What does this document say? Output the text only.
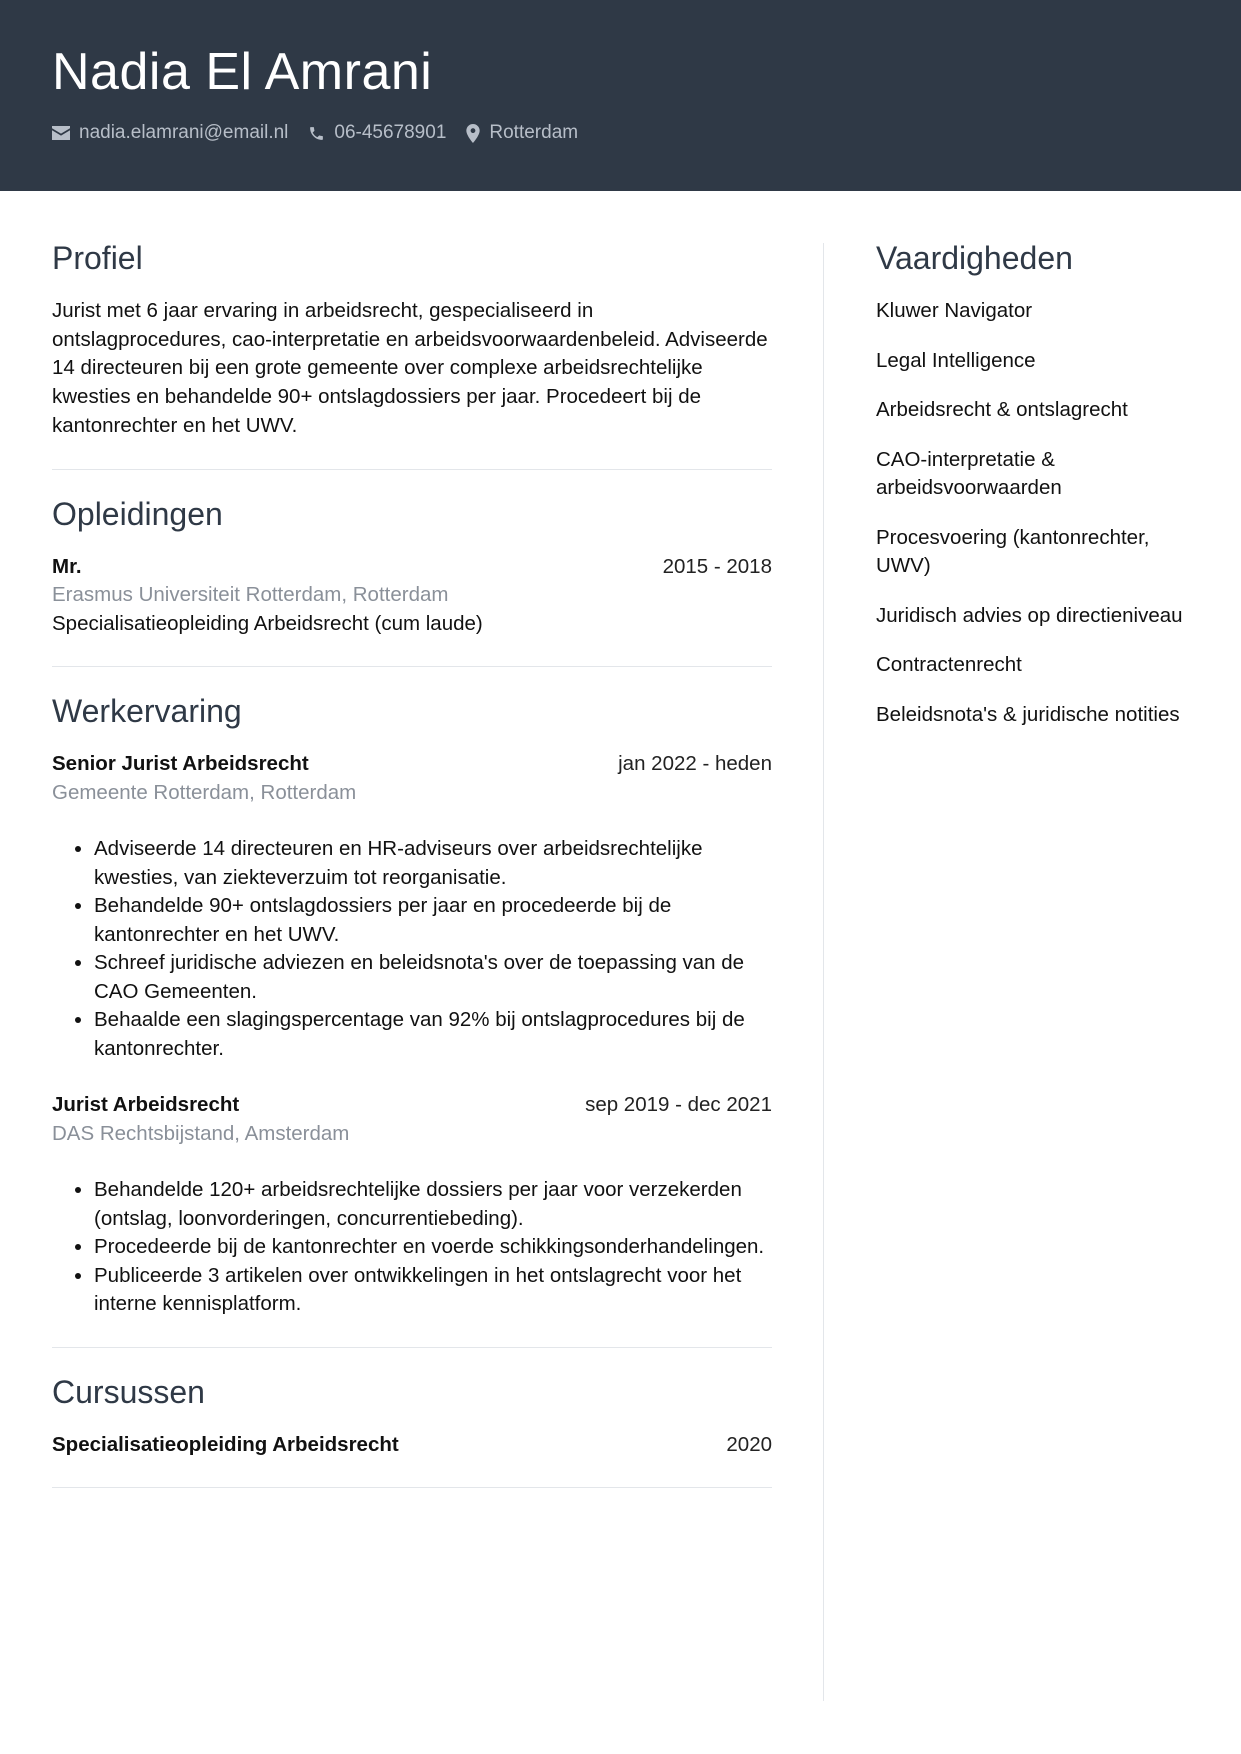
Nadia El Amrani
nadia.elamrani@email.nl 06-45678901 Rotterdam
Profiel

Jurist met 6 jaar ervaring in arbeidsrecht, gespecialiseerd in ontslagprocedures, cao-interpretatie en arbeidsvoorwaardenbeleid. Adviseerde 14 directeuren bij een grote gemeente over complexe arbeidsrechtelijke kwesties en behandelde 90+ ontslagdossiers per jaar. Procedeert bij de kantonrechter en het UWV.

Opleidingen
Mr.	2015 - 2018
Erasmus Universiteit Rotterdam, Rotterdam
Specialisatieopleiding Arbeidsrecht (cum laude)
Werkervaring
Senior Jurist Arbeidsrecht	jan 2022 - heden
Gemeente Rotterdam, Rotterdam
• Adviseerde 14 directeuren en HR-adviseurs over arbeidsrechtelijke kwesties, van ziekteverzuim tot reorganisatie.
• Behandelde 90+ ontslagdossiers per jaar en procedeerde bij de kantonrechter en het UWV.
• Schreef juridische adviezen en beleidsnota's over de toepassing van de CAO Gemeenten.
• Behaalde een slagingspercentage van 92% bij ontslagprocedures bij de kantonrechter.
Jurist Arbeidsrecht	sep 2019 - dec 2021
DAS Rechtsbijstand, Amsterdam
• Behandelde 120+ arbeidsrechtelijke dossiers per jaar voor verzekerden (ontslag, loonvorderingen, concurrentiebeding).
• Procedeerde bij de kantonrechter en voerde schikkingsonderhandelingen.
• Publiceerde 3 artikelen over ontwikkelingen in het ontslagrecht voor het interne kennisplatform.
Cursussen
Specialisatieopleiding Arbeidsrecht	2020
Vaardigheden
Kluwer Navigator
Legal Intelligence
Arbeidsrecht & ontslagrecht
CAO-interpretatie & arbeidsvoorwaarden
Procesvoering (kantonrechter, UWV)
Juridisch advies op directieniveau
Contractenrecht
Beleidsnota's & juridische notities
